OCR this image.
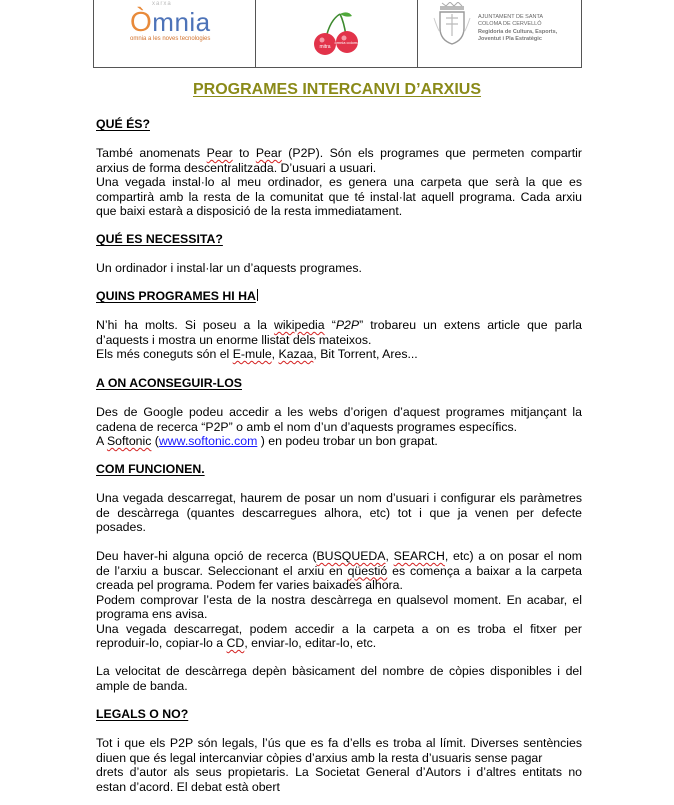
xarxa
Òmnia
omnia a les noves tecnologies
mitra
omnia coloma
AJUNTAMENT DE SANTA
COLOMA DE CERVELLÓ
Regidoria de Cultura, Esports,
Joventut i Pla Estratègic
PROGRAMES INTERCANVI D’ARXIUS
QUÉ ÉS?
També anomenats Pear to Pear (P2P). Són els programes que permeten compartir
arxius de forma descentralitzada. D’usuari a usuari.
Una vegada instal·lo al meu ordinador, es genera una carpeta que serà la que es
compartirà amb la resta de la comunitat que té instal·lat aquell programa. Cada arxiu
que baixi estarà a disposició de la resta immediatament.
QUÉ ES NECESSITA?
Un ordinador i instal·lar un d’aquests programes.
QUINS PROGRAMES HI HA
N’hi ha molts. Si poseu a la wikipedia “P2P” trobareu un extens article que parla
d’aquests i mostra un enorme llistat dels mateixos.
Els més coneguts són el E-mule, Kazaa, Bit Torrent, Ares...
A ON ACONSEGUIR-LOS
Des de Google podeu accedir a les webs d’origen d’aquest programes mitjançant la
cadena de recerca “P2P” o amb el nom d’un d’aquests programes específics.
A Softonic (www.softonic.com ) en podeu trobar un bon grapat.
COM FUNCIONEN.
Una vegada descarregat, haurem de posar un nom d’usuari i configurar els paràmetres
de descàrrega (quantes descarregues alhora, etc) tot i que ja venen per defecte
posades.
Deu haver-hi alguna opció de recerca (BUSQUEDA, SEARCH, etc) a on posar el nom
de l’arxiu a buscar. Seleccionant el arxiu en qüestió es comença a baixar a la carpeta
creada pel programa. Podem fer varies baixades alhora.
Podem comprovar l’esta de la nostra descàrrega en qualsevol moment. En acabar, el
programa ens avisa.
Una vegada descarregat, podem accedir a la carpeta a on es troba el fitxer per
reproduir-lo, copiar-lo a CD, enviar-lo, editar-lo, etc.
La velocitat de descàrrega depèn bàsicament del nombre de còpies disponibles i del
ample de banda.
LEGALS O NO?
Tot i que els P2P són legals, l’ús que es fa d’ells es troba al límit. Diverses sentències
diuen que és legal intercanviar còpies d’arxius amb la resta d’usuaris sense pagar
drets d’autor als seus propietaris. La Societat General d’Autors i d’altres entitats no
estan d’acord. El debat està obert
